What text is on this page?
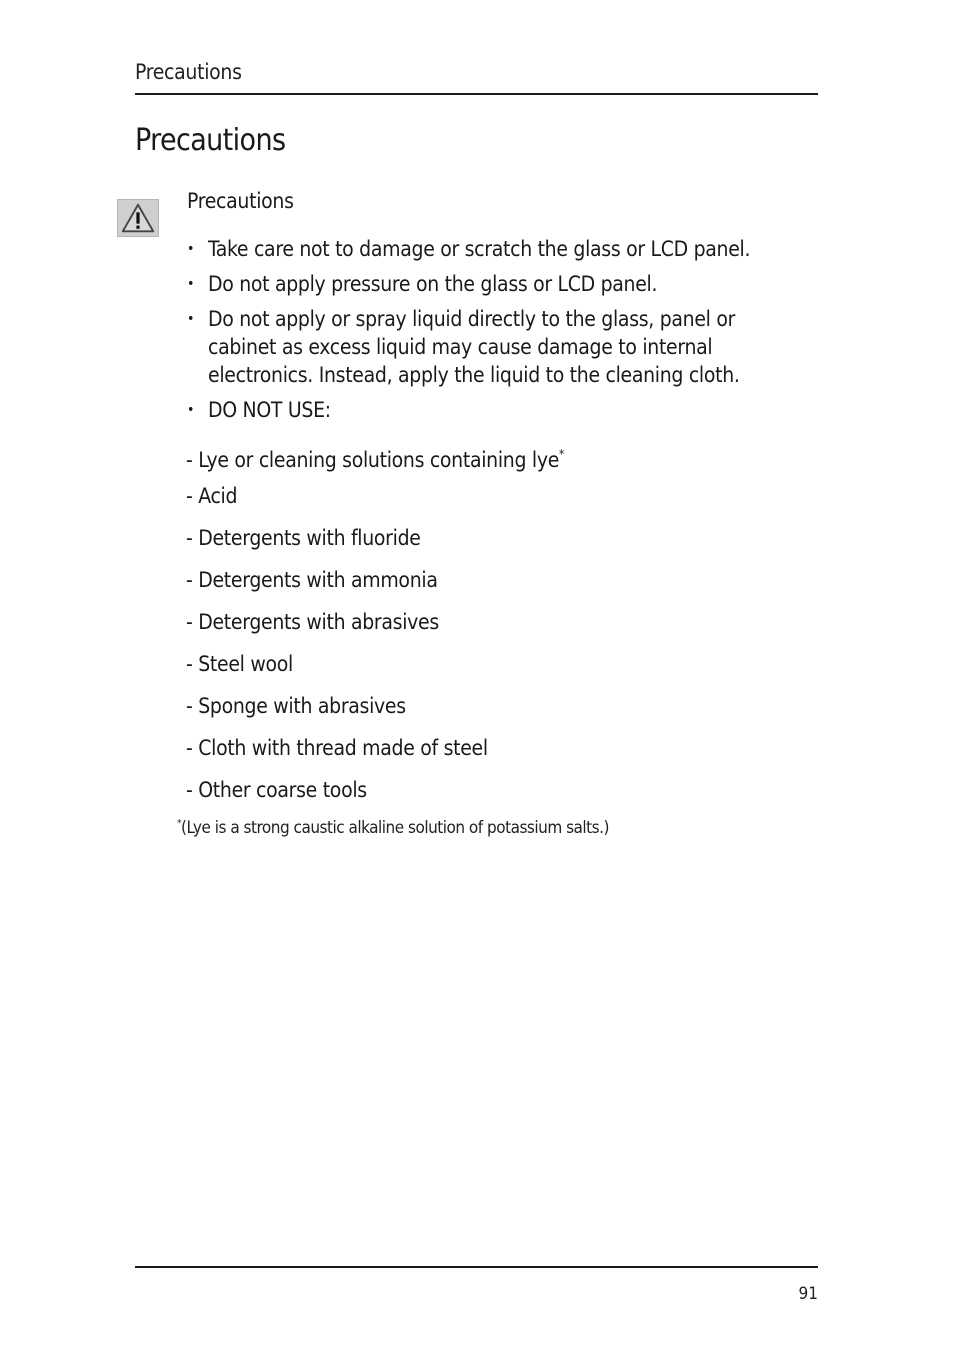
Precautions
Precautions
Precautions
• Take care not to damage or scratch the glass or LCD panel.
• Do not apply pressure on the glass or LCD panel.
• Do not apply or spray liquid directly to the glass, panel or cabinet as excess liquid may cause damage to internal electronics. Instead, apply the liquid to the cleaning cloth.
• DO NOT USE:
- Lye or cleaning solutions containing lye*
- Acid
- Detergents with fluoride
- Detergents with ammonia
- Detergents with abrasives
- Steel wool
- Sponge with abrasives
- Cloth with thread made of steel
- Other coarse tools
*(Lye is a strong caustic alkaline solution of potassium salts.)
91
